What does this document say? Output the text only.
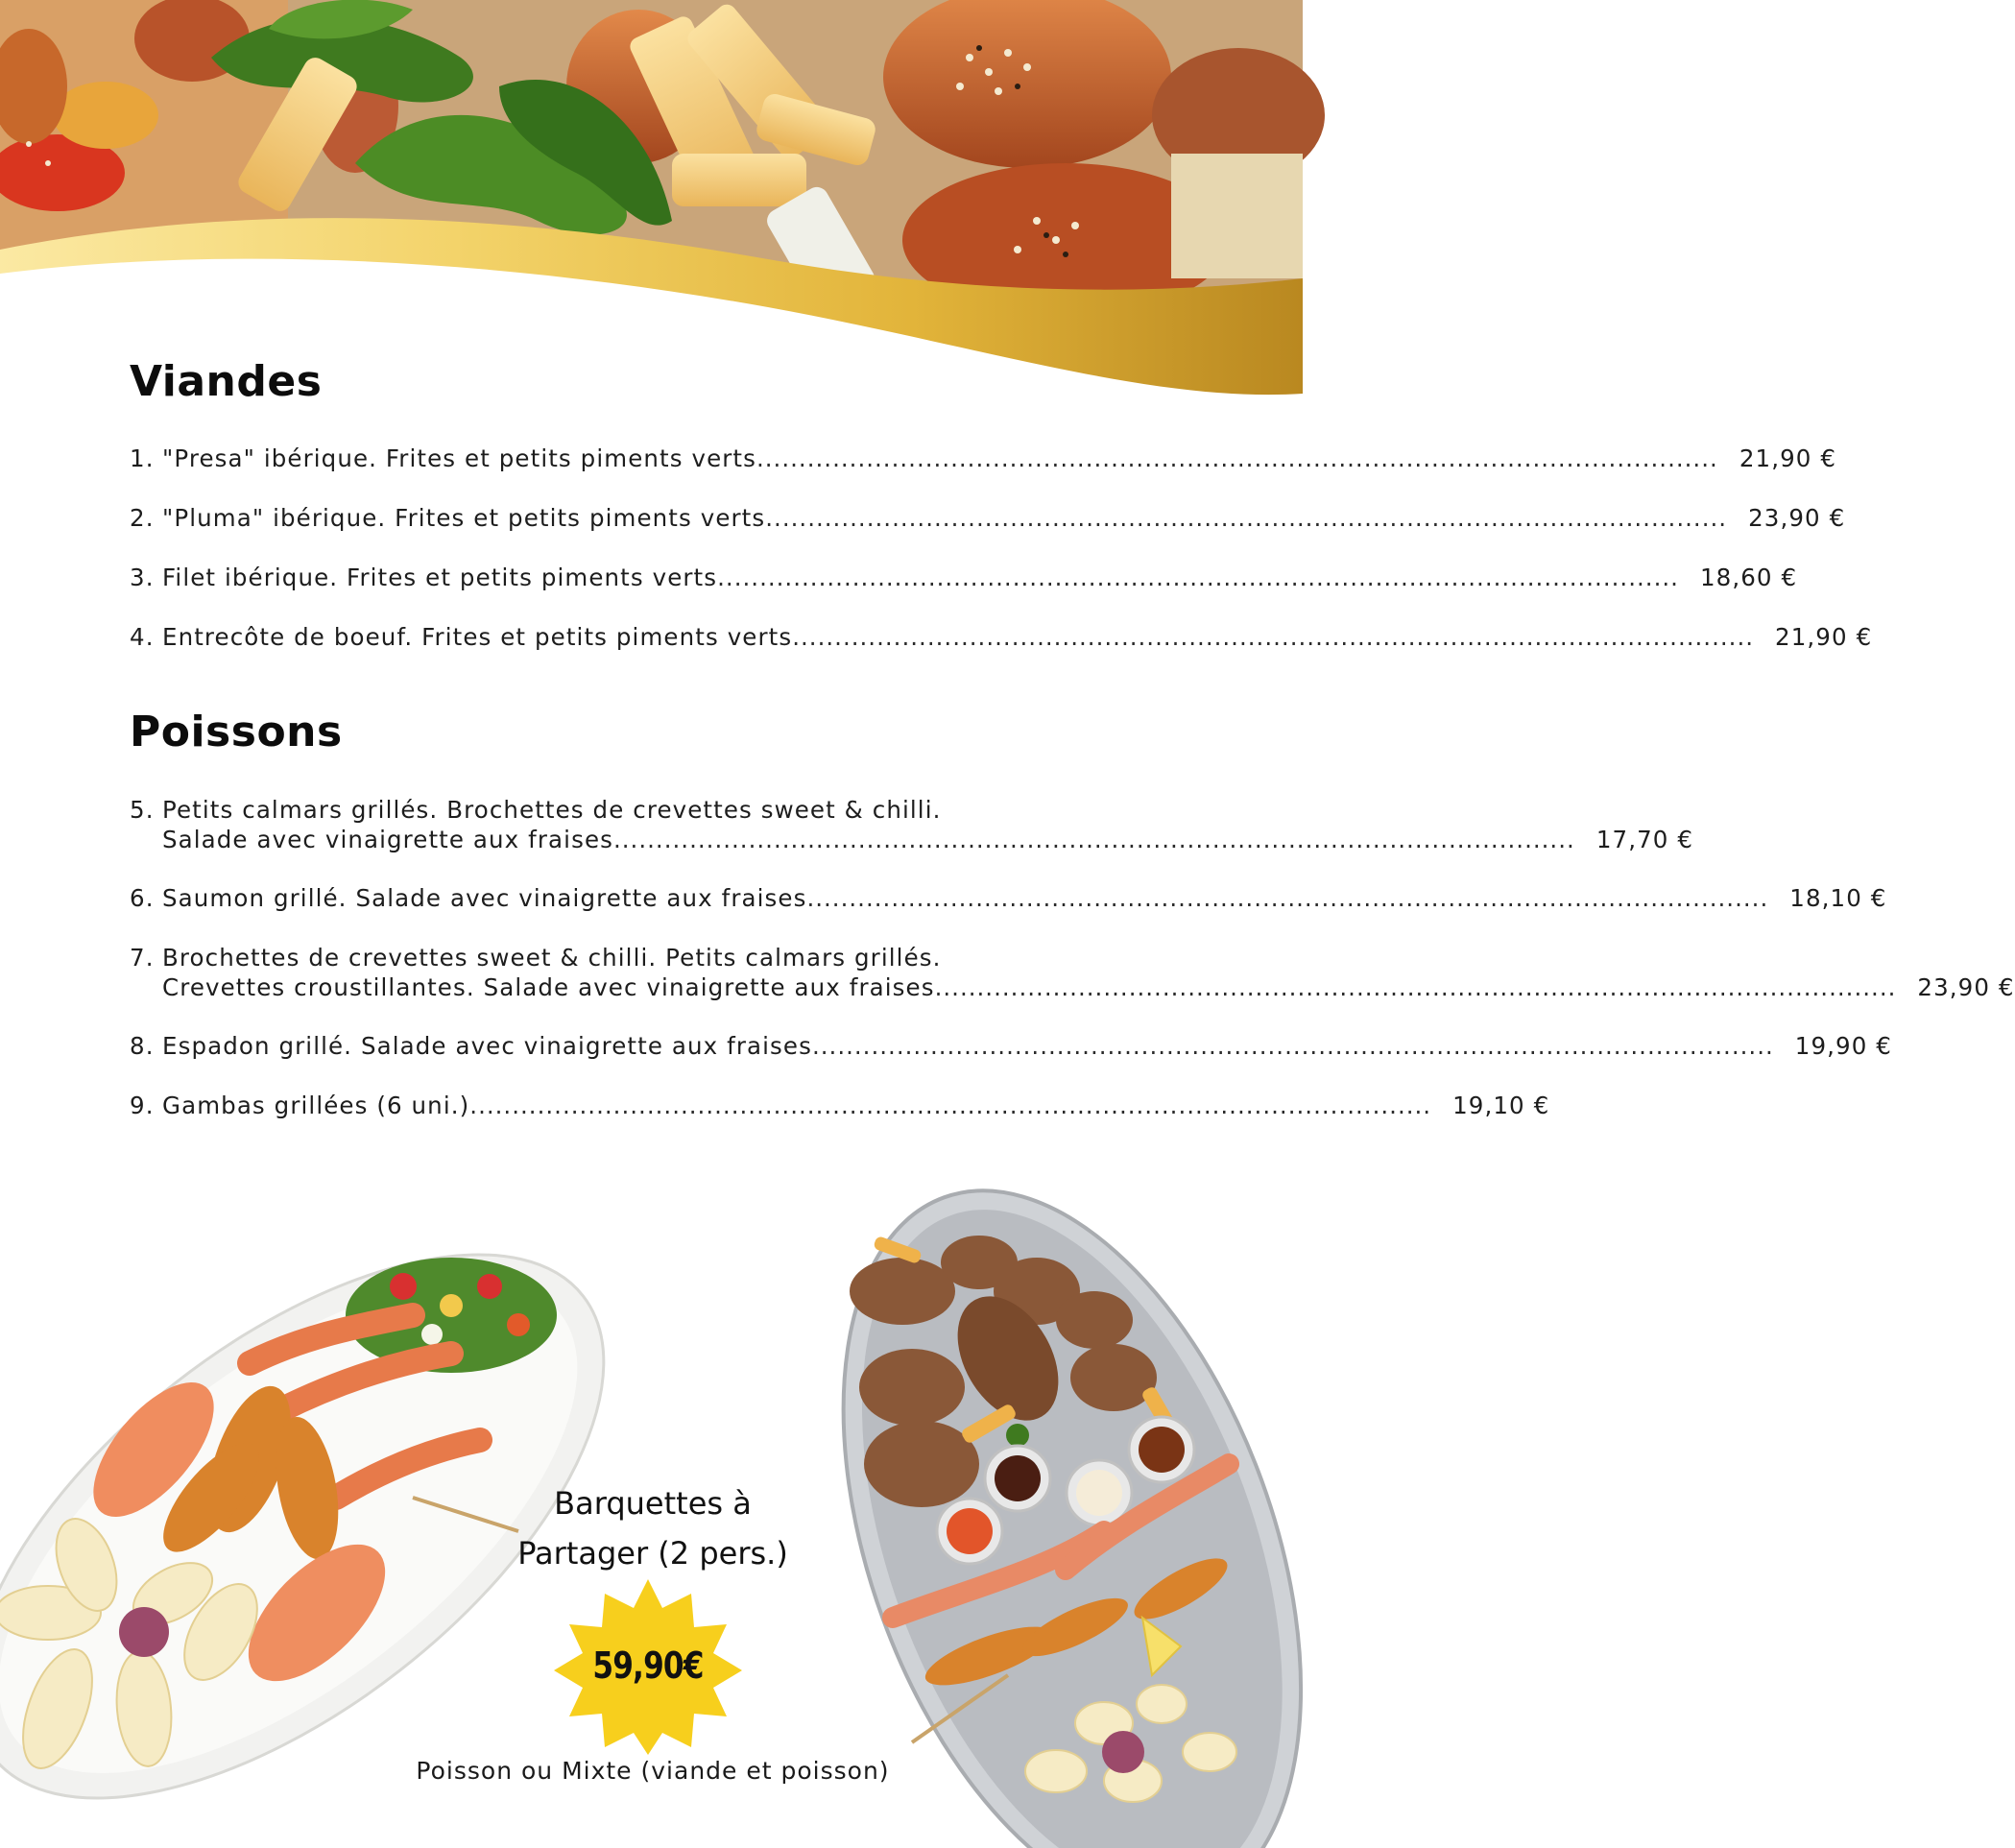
Viandes
1. "Presa" ibérique. Frites et petits piments verts .................................................................................................................. 21,90 €
2. "Pluma" ibérique. Frites et petits piments verts .................................................................................................................. 23,90 €
3. Filet ibérique. Frites et petits piments verts .................................................................................................................. 18,60 €
4. Entrecôte de boeuf. Frites et petits piments verts .................................................................................................................. 21,90 €
Poissons
5. Petits calmars grillés. Brochettes de crevettes sweet & chilli.
Salade avec vinaigrette aux fraises .................................................................................................................. 17,70 €
6. Saumon grillé. Salade avec vinaigrette aux fraises .................................................................................................................. 18,10 €
7. Brochettes de crevettes sweet & chilli. Petits calmars grillés.
Crevettes croustillantes. Salade avec vinaigrette aux fraises .................................................................................................................. 23,90 €
8. Espadon grillé. Salade avec vinaigrette aux fraises .................................................................................................................. 19,90 €
9. Gambas grillées (6 uni.) .................................................................................................................. 19,10 €
Barquettes à
Partager (2 pers.)
59,90€
Poisson ou Mixte (viande et poisson)
